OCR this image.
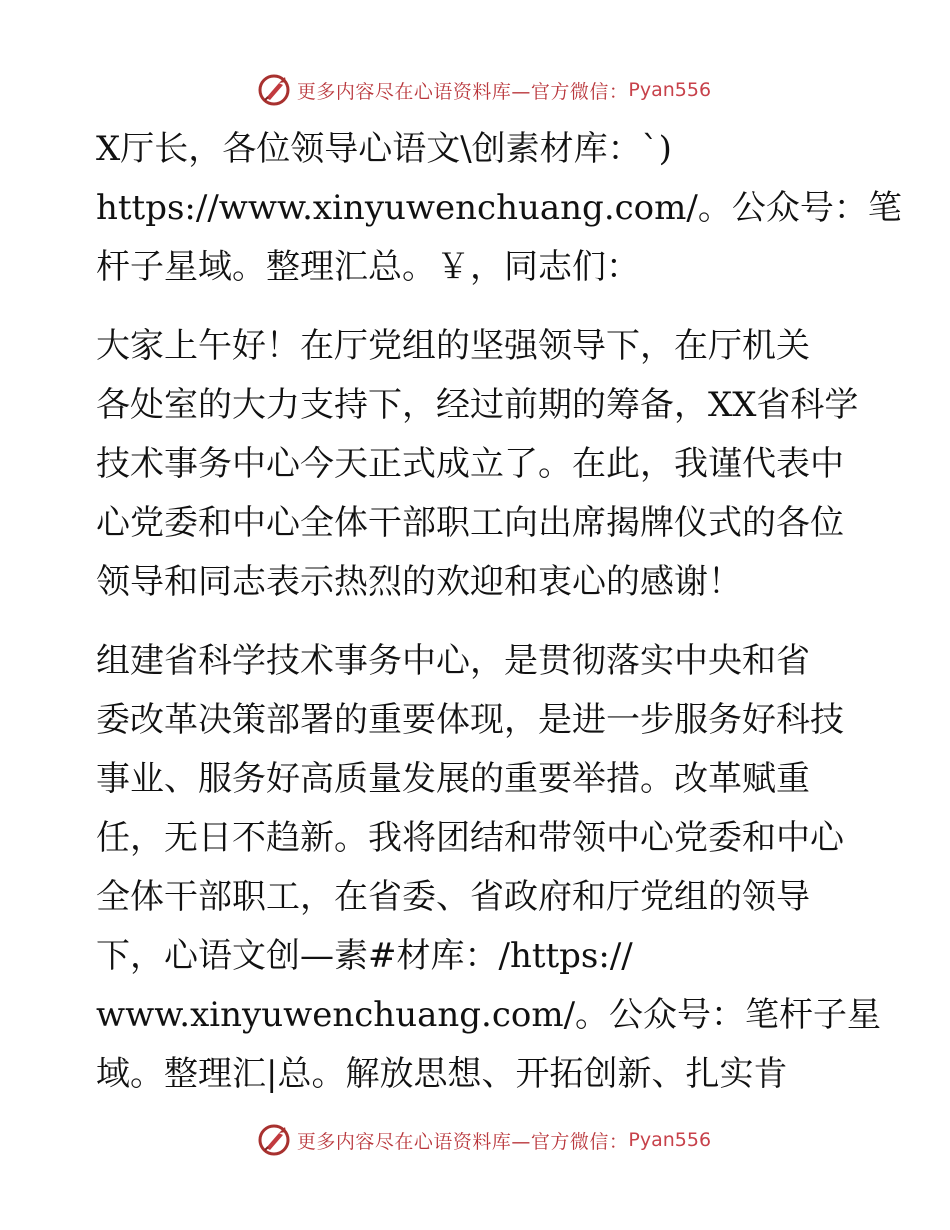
更多内容尽在心语资料库—官方微信： Pyan556
X厅长，各位领导心语文\创素材库：`)
https://www.xinyuwenchuang.com/。公众号：笔
杆子星域。整理汇总。￥，同志们：
大家上午好！在厅党组的坚强领导下，在厅机关
各处室的大力支持下，经过前期的筹备，XX省科学
技术事务中心今天正式成立了。在此，我谨代表中
心党委和中心全体干部职工向出席揭牌仪式的各位
领导和同志表示热烈的欢迎和衷心的感谢！
组建省科学技术事务中心，是贯彻落实中央和省
委改革决策部署的重要体现，是进一步服务好科技
事业、服务好高质量发展的重要举措。改革赋重
任，无日不趋新。我将团结和带领中心党委和中心
全体干部职工，在省委、省政府和厅党组的领导
下，心语文创—素#材库：/https://
www.xinyuwenchuang.com/。公众号：笔杆子星
域。整理汇|总。解放思想、开拓创新、扎实肯
更多内容尽在心语资料库—官方微信： Pyan556
